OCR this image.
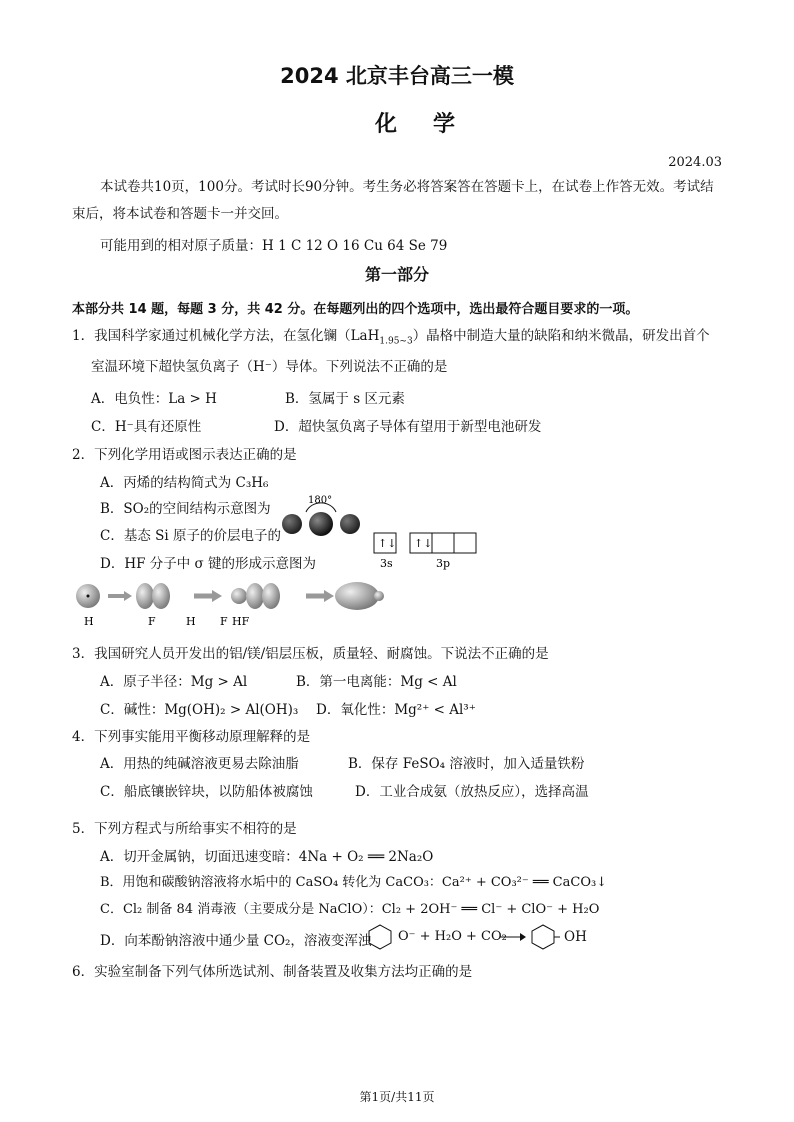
2024 北京丰台高三一模
化学
2024.03
本试卷共10页，100分。考试时长90分钟。考生务必将答案答在答题卡上，在试卷上作答无效。考试结束后，将本试卷和答题卡一并交回。
可能用到的相对原子质量：H 1 C 12 O 16 Cu 64 Se 79
第一部分
本部分共 14 题，每题 3 分，共 42 分。在每题列出的四个选项中，选出最符合题目要求的一项。
1．我国科学家通过机械化学方法，在氢化镧（LaH$_{1.95\sim 3}$）晶格中制造大量的缺陷和纳米微晶，研发出首个
室温环境下超快氢负离子（H⁻）导体。下列说法不正确的是
A．电负性：La > H	B．氢属于 s 区元素
C．H⁻具有还原性	D．超快氢负离子导体有望用于新型电池研发
2．下列化学用语或图示表达正确的是
A．丙烯的结构简式为 C₃H₆
B．SO₂的空间结构示意图为
C．基态 Si 原子的价层电子的
D．HF 分子中 σ 键的形成示意图为
180°
↑↓ ↑↓
3s	3p
H	F	H F HF
3．我国研究人员开发出的铝/镁/铝层压板，质量轻、耐腐蚀。下说法不正确的是
A．原子半径：Mg > Al	B．第一电离能：Mg < Al
C．碱性：Mg(OH)₂ > Al(OH)₃ D．氧化性：Mg²⁺ < Al³⁺
4．下列事实能用平衡移动原理解释的是
A．用热的纯碱溶液更易去除油脂	B．保存 FeSO₄ 溶液时，加入适量铁粉
C．船底镶嵌锌块，以防船体被腐蚀	D．工业合成氨（放热反应），选择高温
5．下列方程式与所给事实不相符的是
A．切开金属钠，切面迅速变暗：4Na + O₂ ══ 2Na₂O
B．用饱和碳酸钠溶液将水垢中的 CaSO₄ 转化为 CaCO₃：Ca²⁺ + CO₃²⁻ ══ CaCO₃↓
C．Cl₂ 制备 84 消毒液（主要成分是 NaClO）：Cl₂ + 2OH⁻ ══ Cl⁻ + ClO⁻ + H₂O
D．向苯酚钠溶液中通少量 CO₂，溶液变浑浊 O⁻ + H₂O + CO₂	OH
6．实验室制备下列气体所选试剂、制备装置及收集方法均正确的是
第1页/共11页
